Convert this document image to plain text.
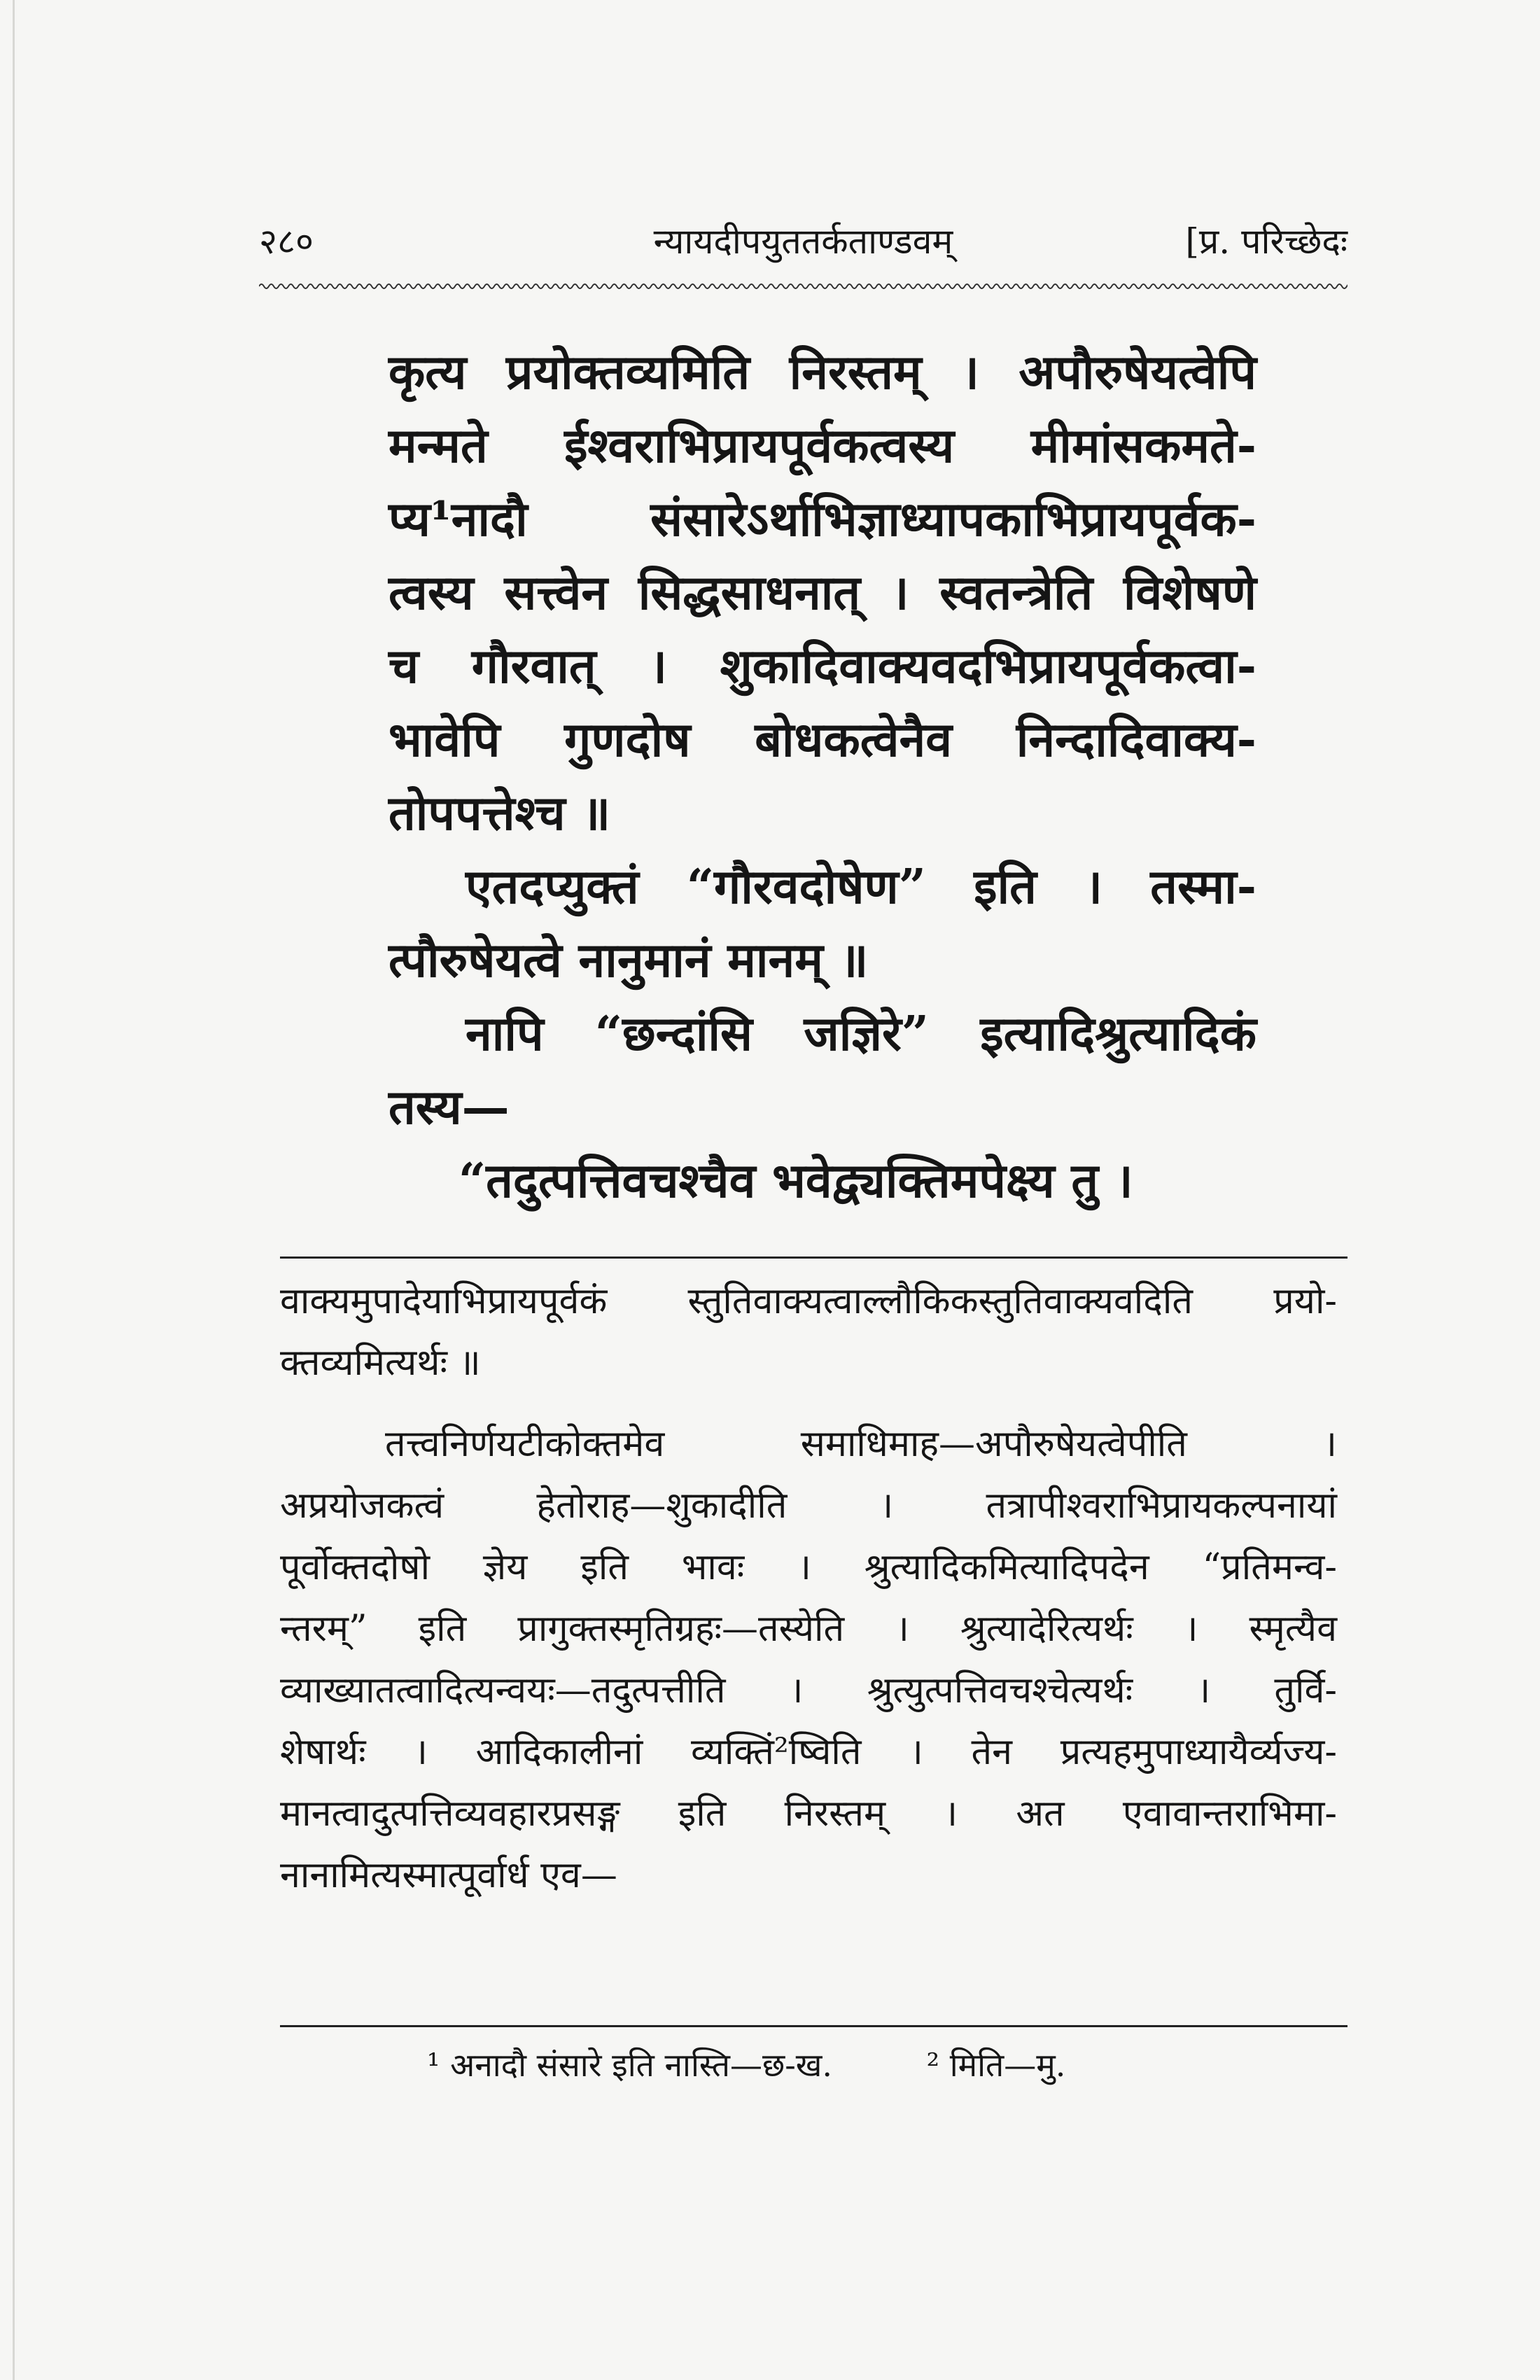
२८०	न्यायदीपयुततर्कताण्डवम्	[प्र. परिच्छेदः
कृत्य प्रयोक्तव्यमिति निरस्तम् । अपौरुषेयत्वेपि
मन्मते ईश्वराभिप्रायपूर्वकत्वस्य मीमांसकमते-
प्य¹नादौ संसारेऽर्थाभिज्ञाध्यापकाभिप्रायपूर्वक-
त्वस्य सत्त्वेन सिद्धसाधनात् । स्वतन्त्रेति विशेषणे
च गौरवात् । शुकादिवाक्यवदभिप्रायपूर्वकत्वा-
भावेपि गुणदोष बोधकत्वेनैव निन्दादिवाक्य-
तोपपत्तेश्च ॥
एतदप्युक्तं “गौरवदोषेण” इति । तस्मा-
त्पौरुषेयत्वे नानुमानं मानम् ॥
नापि “छन्दांसि जज्ञिरे” इत्यादिश्रुत्यादिकं
तस्य—
“तदुत्पत्तिवचश्चैव भवेद्व्यक्तिमपेक्ष्य तु ।
वाक्यमुपादेयाभिप्रायपूर्वकं स्तुतिवाक्यत्वाल्लौकिकस्तुतिवाक्यवदिति प्रयो-
क्तव्यमित्यर्थः ॥
तत्त्वनिर्णयटीकोक्तमेव समाधिमाह—अपौरुषेयत्वेपीति ।
अप्रयोजकत्वं हेतोराह—शुकादीति । तत्रापीश्वराभिप्रायकल्पनायां
पूर्वोक्तदोषो ज्ञेय इति भावः । श्रुत्यादिकमित्यादिपदेन “प्रतिमन्व-
न्तरम्” इति प्रागुक्तस्मृतिग्रहः—तस्येति । श्रुत्यादेरित्यर्थः । स्मृत्यैव
व्याख्यातत्वादित्यन्वयः—तदुत्पत्तीति । श्रुत्युत्पत्तिवचश्चेत्यर्थः । तुर्वि-
शेषार्थः । आदिकालीनां व्यक्तिं²ष्विति । तेन प्रत्यहमुपाध्यायैर्व्यज्य-
मानत्वादुत्पत्तिव्यवहारप्रसङ्ग इति निरस्तम् । अत एवावान्तराभिमा-
नानामित्यस्मात्पूर्वार्ध एव—
¹ अनादौ संसारे इति नास्ति—छ-ख.	² मिति—मु.
